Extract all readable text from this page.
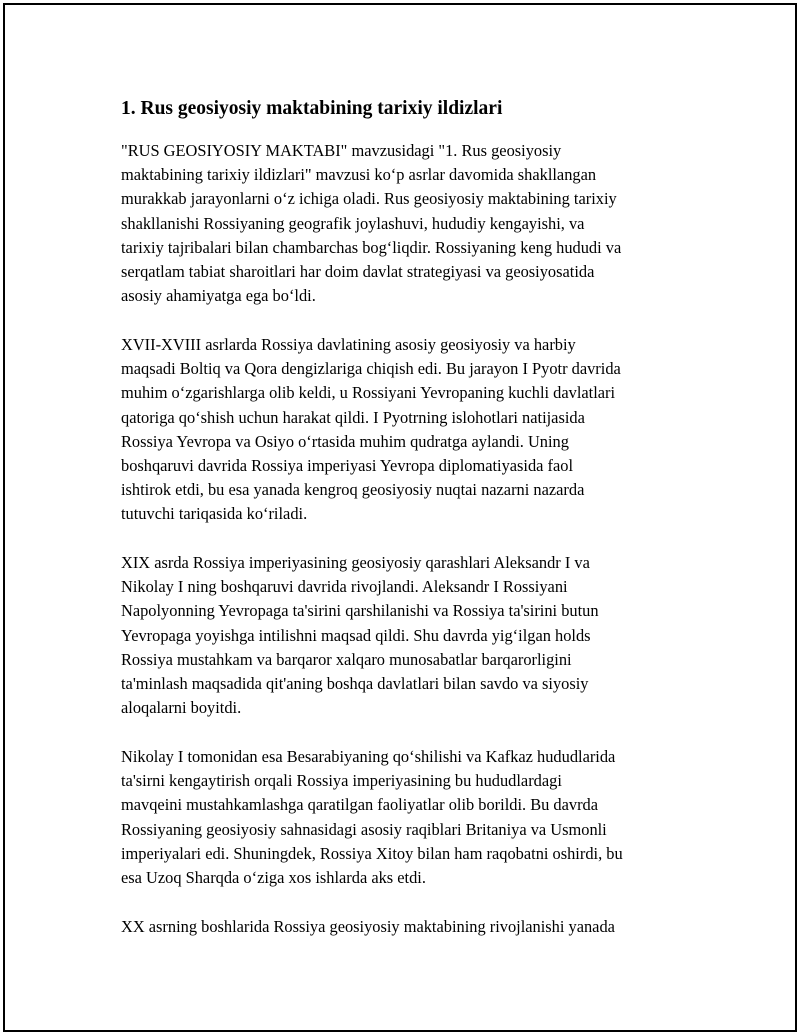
1. Rus geosiyosiy maktabining tarixiy ildizlari

"RUS GEOSIYOSIY MAKTABI" mavzusidagi "1. Rus geosiyosiy
maktabining tarixiy ildizlari" mavzusi koʻp asrlar davomida shakllangan
murakkab jarayonlarni oʻz ichiga oladi. Rus geosiyosiy maktabining tarixiy
shakllanishi Rossiyaning geografik joylashuvi, hududiy kengayishi, va
tarixiy tajribalari bilan chambarchas bogʻliqdir. Rossiyaning keng hududi va
serqatlam tabiat sharoitlari har doim davlat strategiyasi va geosiyosatida
asosiy ahamiyatga ega boʻldi.

XVII-XVIII asrlarda Rossiya davlatining asosiy geosiyosiy va harbiy
maqsadi Boltiq va Qora dengizlariga chiqish edi. Bu jarayon I Pyotr davrida
muhim oʻzgarishlarga olib keldi, u Rossiyani Yevropaning kuchli davlatlari
qatoriga qoʻshish uchun harakat qildi. I Pyotrning islohotlari natijasida
Rossiya Yevropa va Osiyo oʻrtasida muhim qudratga aylandi. Uning
boshqaruvi davrida Rossiya imperiyasi Yevropa diplomatiyasida faol
ishtirok etdi, bu esa yanada kengroq geosiyosiy nuqtai nazarni nazarda
tutuvchi tariqasida koʻriladi.

XIX asrda Rossiya imperiyasining geosiyosiy qarashlari Aleksandr I va
Nikolay I ning boshqaruvi davrida rivojlandi. Aleksandr I Rossiyani
Napolyonning Yevropaga ta'sirini qarshilanishi va Rossiya ta'sirini butun
Yevropaga yoyishga intilishni maqsad qildi. Shu davrda yigʻilgan holds
Rossiya mustahkam va barqaror xalqaro munosabatlar barqarorligini
ta'minlash maqsadida qit'aning boshqa davlatlari bilan savdo va siyosiy
aloqalarni boyitdi.

Nikolay I tomonidan esa Besarabiyaning qoʻshilishi va Kafkaz hududlarida
ta'sirni kengaytirish orqali Rossiya imperiyasining bu hududlardagi
mavqeini mustahkamlashga qaratilgan faoliyatlar olib borildi. Bu davrda
Rossiyaning geosiyosiy sahnasidagi asosiy raqiblari Britaniya va Usmonli
imperiyalari edi. Shuningdek, Rossiya Xitoy bilan ham raqobatni oshirdi, bu
esa Uzoq Sharqda oʻziga xos ishlarda aks etdi.

XX asrning boshlarida Rossiya geosiyosiy maktabining rivojlanishi yanada
